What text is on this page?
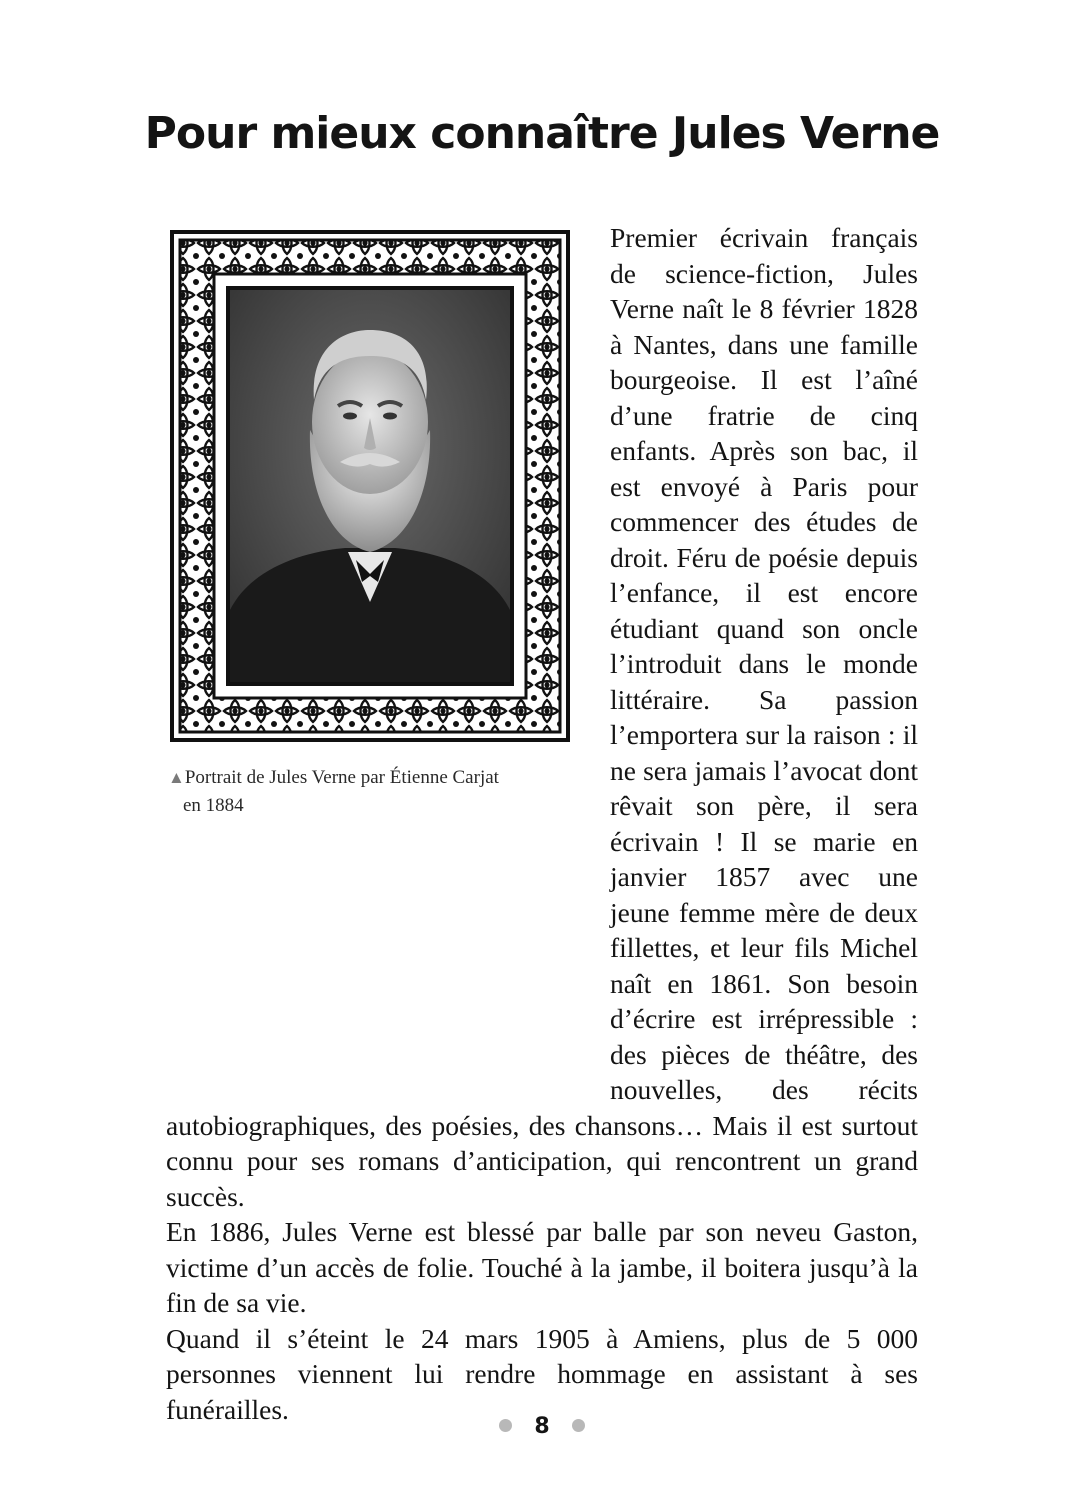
Pour mieux connaître Jules Verne
▲Portrait de Jules Verne par Étienne Carjat
en 1884

Premier écrivain français de science-fiction, Jules Verne naît le 8 février 1828 à Nantes, dans une famille bourgeoise. Il est l’aîné d’une fratrie de cinq enfants. Après son bac, il est envoyé à Paris pour commencer des études de droit. Féru de poésie depuis l’enfance, il est encore étudiant quand son oncle l’introduit dans le monde littéraire. Sa passion l’emportera sur la raison : il ne sera jamais l’avocat dont rêvait son père, il sera écrivain ! Il se marie en janvier 1857 avec une jeune femme mère de deux fillettes, et leur fils Michel naît en 1861. Son besoin d’écrire est irrépressible : des pièces de théâtre, des nouvelles, des récits autobiographiques, des poésies, des chansons… Mais il est surtout connu pour ses romans d’anticipation, qui rencontrent un grand succès.

En 1886, Jules Verne est blessé par balle par son neveu Gaston, victime d’un accès de folie. Touché à la jambe, il boitera jusqu’à la fin de sa vie.

Quand il s’éteint le 24 mars 1905 à Amiens, plus de 5 000 personnes viennent lui rendre hommage en assistant à ses funérailles.

8
